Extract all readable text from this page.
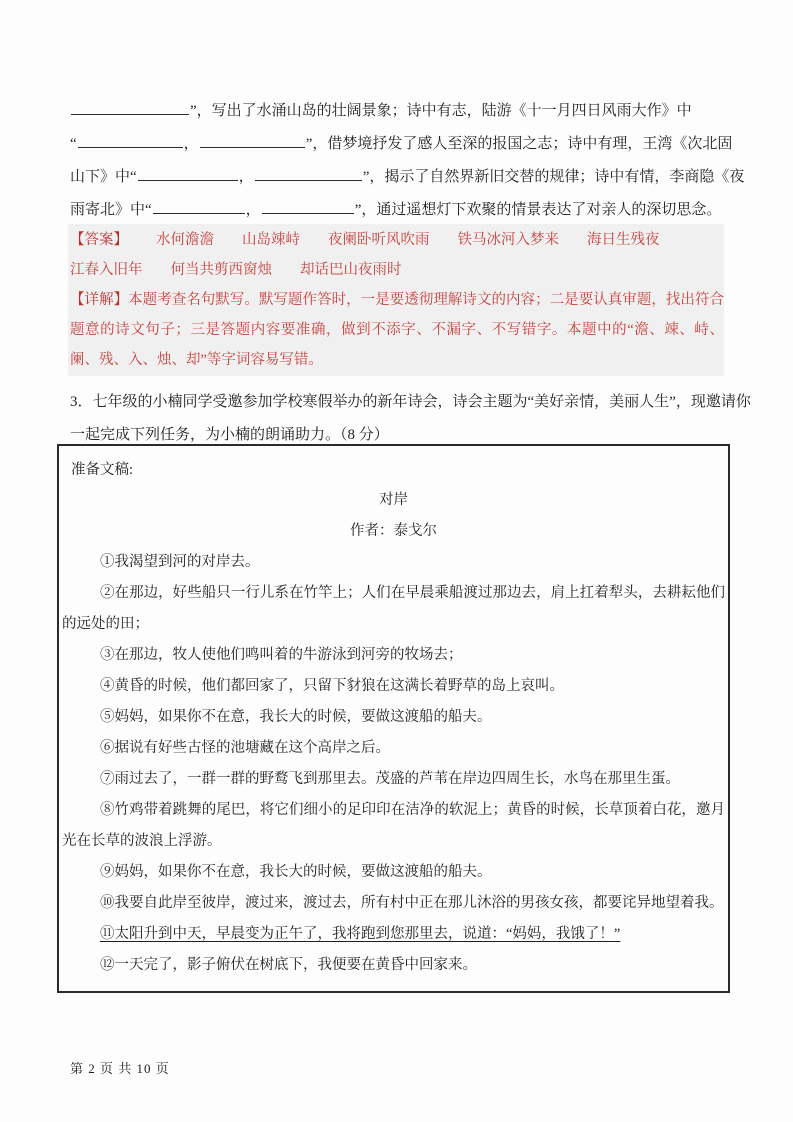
”，写出了水涌山岛的壮阔景象；诗中有志，陆游《十一月四日风雨大作》中
“	，	”，借梦境抒发了感人至深的报国之志；诗中有理，王湾《次北固
山下》中“	，	”，揭示了自然界新旧交替的规律；诗中有情，李商隐《夜
雨寄北》中“	，	”，通过遥想灯下欢聚的情景表达了对亲人的深切思念。
【答案】 水何澹澹 山岛竦峙 夜阑卧听风吹雨 铁马冰河入梦来 海日生残夜
江春入旧年 何当共剪西窗烛 却话巴山夜雨时
【详解】本题考查名句默写。默写题作答时，一是要透彻理解诗文的内容；二是要认真审题，找出符合题意的诗文句子；三是答题内容要准确，做到不添字、不漏字、不写错字。本题中的“澹、竦、峙、阑、残、入、烛、却”等字词容易写错。
3．七年级的小楠同学受邀参加学校寒假举办的新年诗会，诗会主题为“美好亲情，美丽人生”，现邀请你
一起完成下列任务，为小楠的朗诵助力。（8 分）
准备文稿:
对岸
作者：泰戈尔
①我渴望到河的对岸去。
②在那边，好些船只一行儿系在竹竿上；人们在早晨乘船渡过那边去，肩上扛着犁头，去耕耘他们的远处的田；
③在那边，牧人使他们鸣叫着的牛游泳到河旁的牧场去；
④黄昏的时候，他们都回家了，只留下豺狼在这满长着野草的岛上哀叫。
⑤妈妈，如果你不在意，我长大的时候，要做这渡船的船夫。
⑥据说有好些古怪的池塘藏在这个高岸之后。
⑦雨过去了，一群一群的野鹜飞到那里去。茂盛的芦苇在岸边四周生长，水鸟在那里生蛋。
⑧竹鸡带着跳舞的尾巴，将它们细小的足印印在洁净的软泥上；黄昏的时候，长草顶着白花，邀月光在长草的波浪上浮游。
⑨妈妈，如果你不在意，我长大的时候，要做这渡船的船夫。
⑩我要自此岸至彼岸，渡过来，渡过去，所有村中正在那儿沐浴的男孩女孩，都要诧异地望着我。
⑪太阳升到中天，早晨变为正午了，我将跑到您那里去，说道：“妈妈，我饿了！”
⑫一天完了，影子俯伏在树底下，我便要在黄昏中回家来。
第 2 页 共 10 页
